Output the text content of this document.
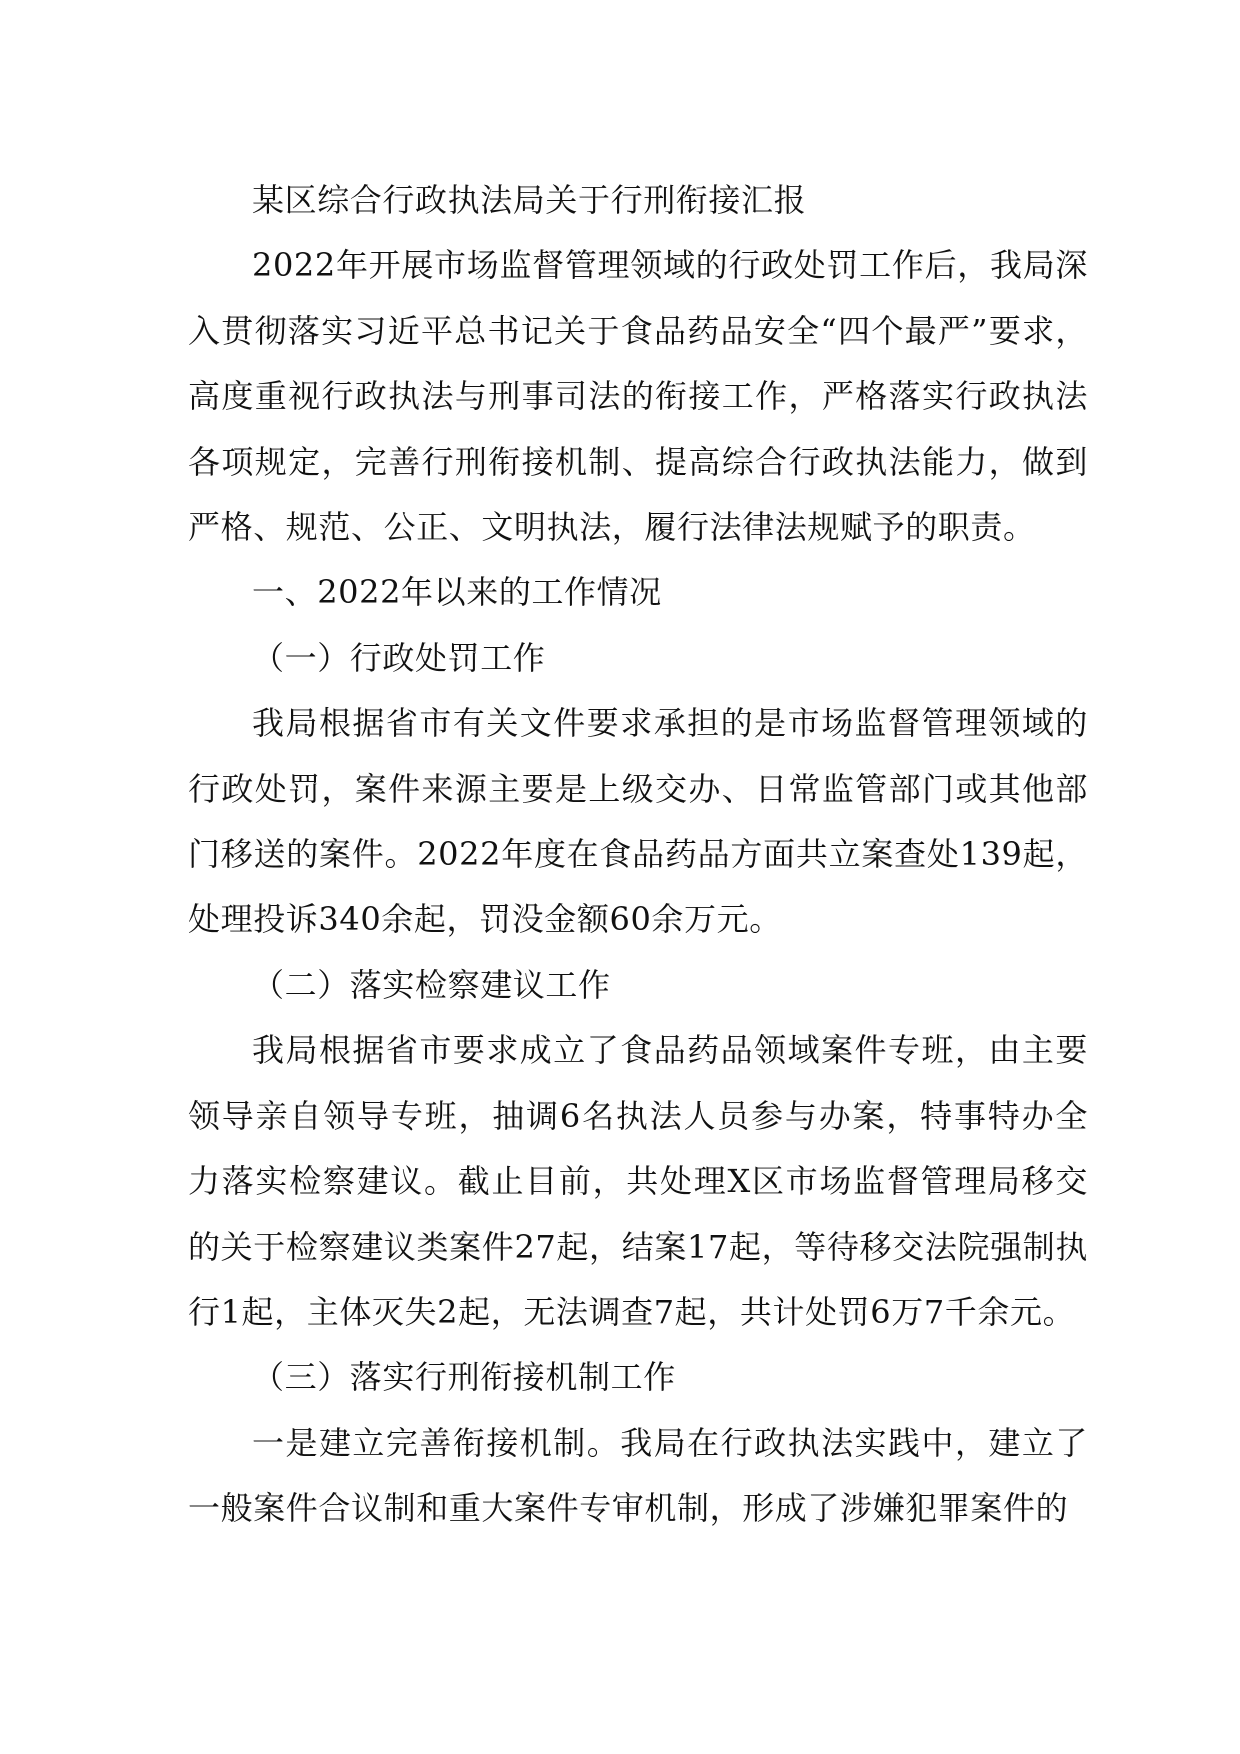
某区综合行政执法局关于行刑衔接汇报

2022年开展市场监督管理领域的行政处罚工作后，我局深入贯彻落实习近平总书记关于食品药品安全“四个最严”要求，高度重视行政执法与刑事司法的衔接工作，严格落实行政执法各项规定，完善行刑衔接机制、提高综合行政执法能力，做到严格、规范、公正、文明执法，履行法律法规赋予的职责。

一、2022年以来的工作情况

（一）行政处罚工作

我局根据省市有关文件要求承担的是市场监督管理领域的行政处罚，案件来源主要是上级交办、日常监管部门或其他部门移送的案件。2022年度在食品药品方面共立案查处139起，处理投诉340余起，罚没金额60余万元。

（二）落实检察建议工作

我局根据省市要求成立了食品药品领域案件专班，由主要领导亲自领导专班，抽调6名执法人员参与办案，特事特办全力落实检察建议。截止目前，共处理X区市场监督管理局移交的关于检察建议类案件27起，结案17起，等待移交法院强制执行1起，主体灭失2起，无法调查7起，共计处罚6万7千余元。

（三）落实行刑衔接机制工作

一是建立完善衔接机制。我局在行政执法实践中，建立了一般案件合议制和重大案件专审机制，形成了涉嫌犯罪案件的
